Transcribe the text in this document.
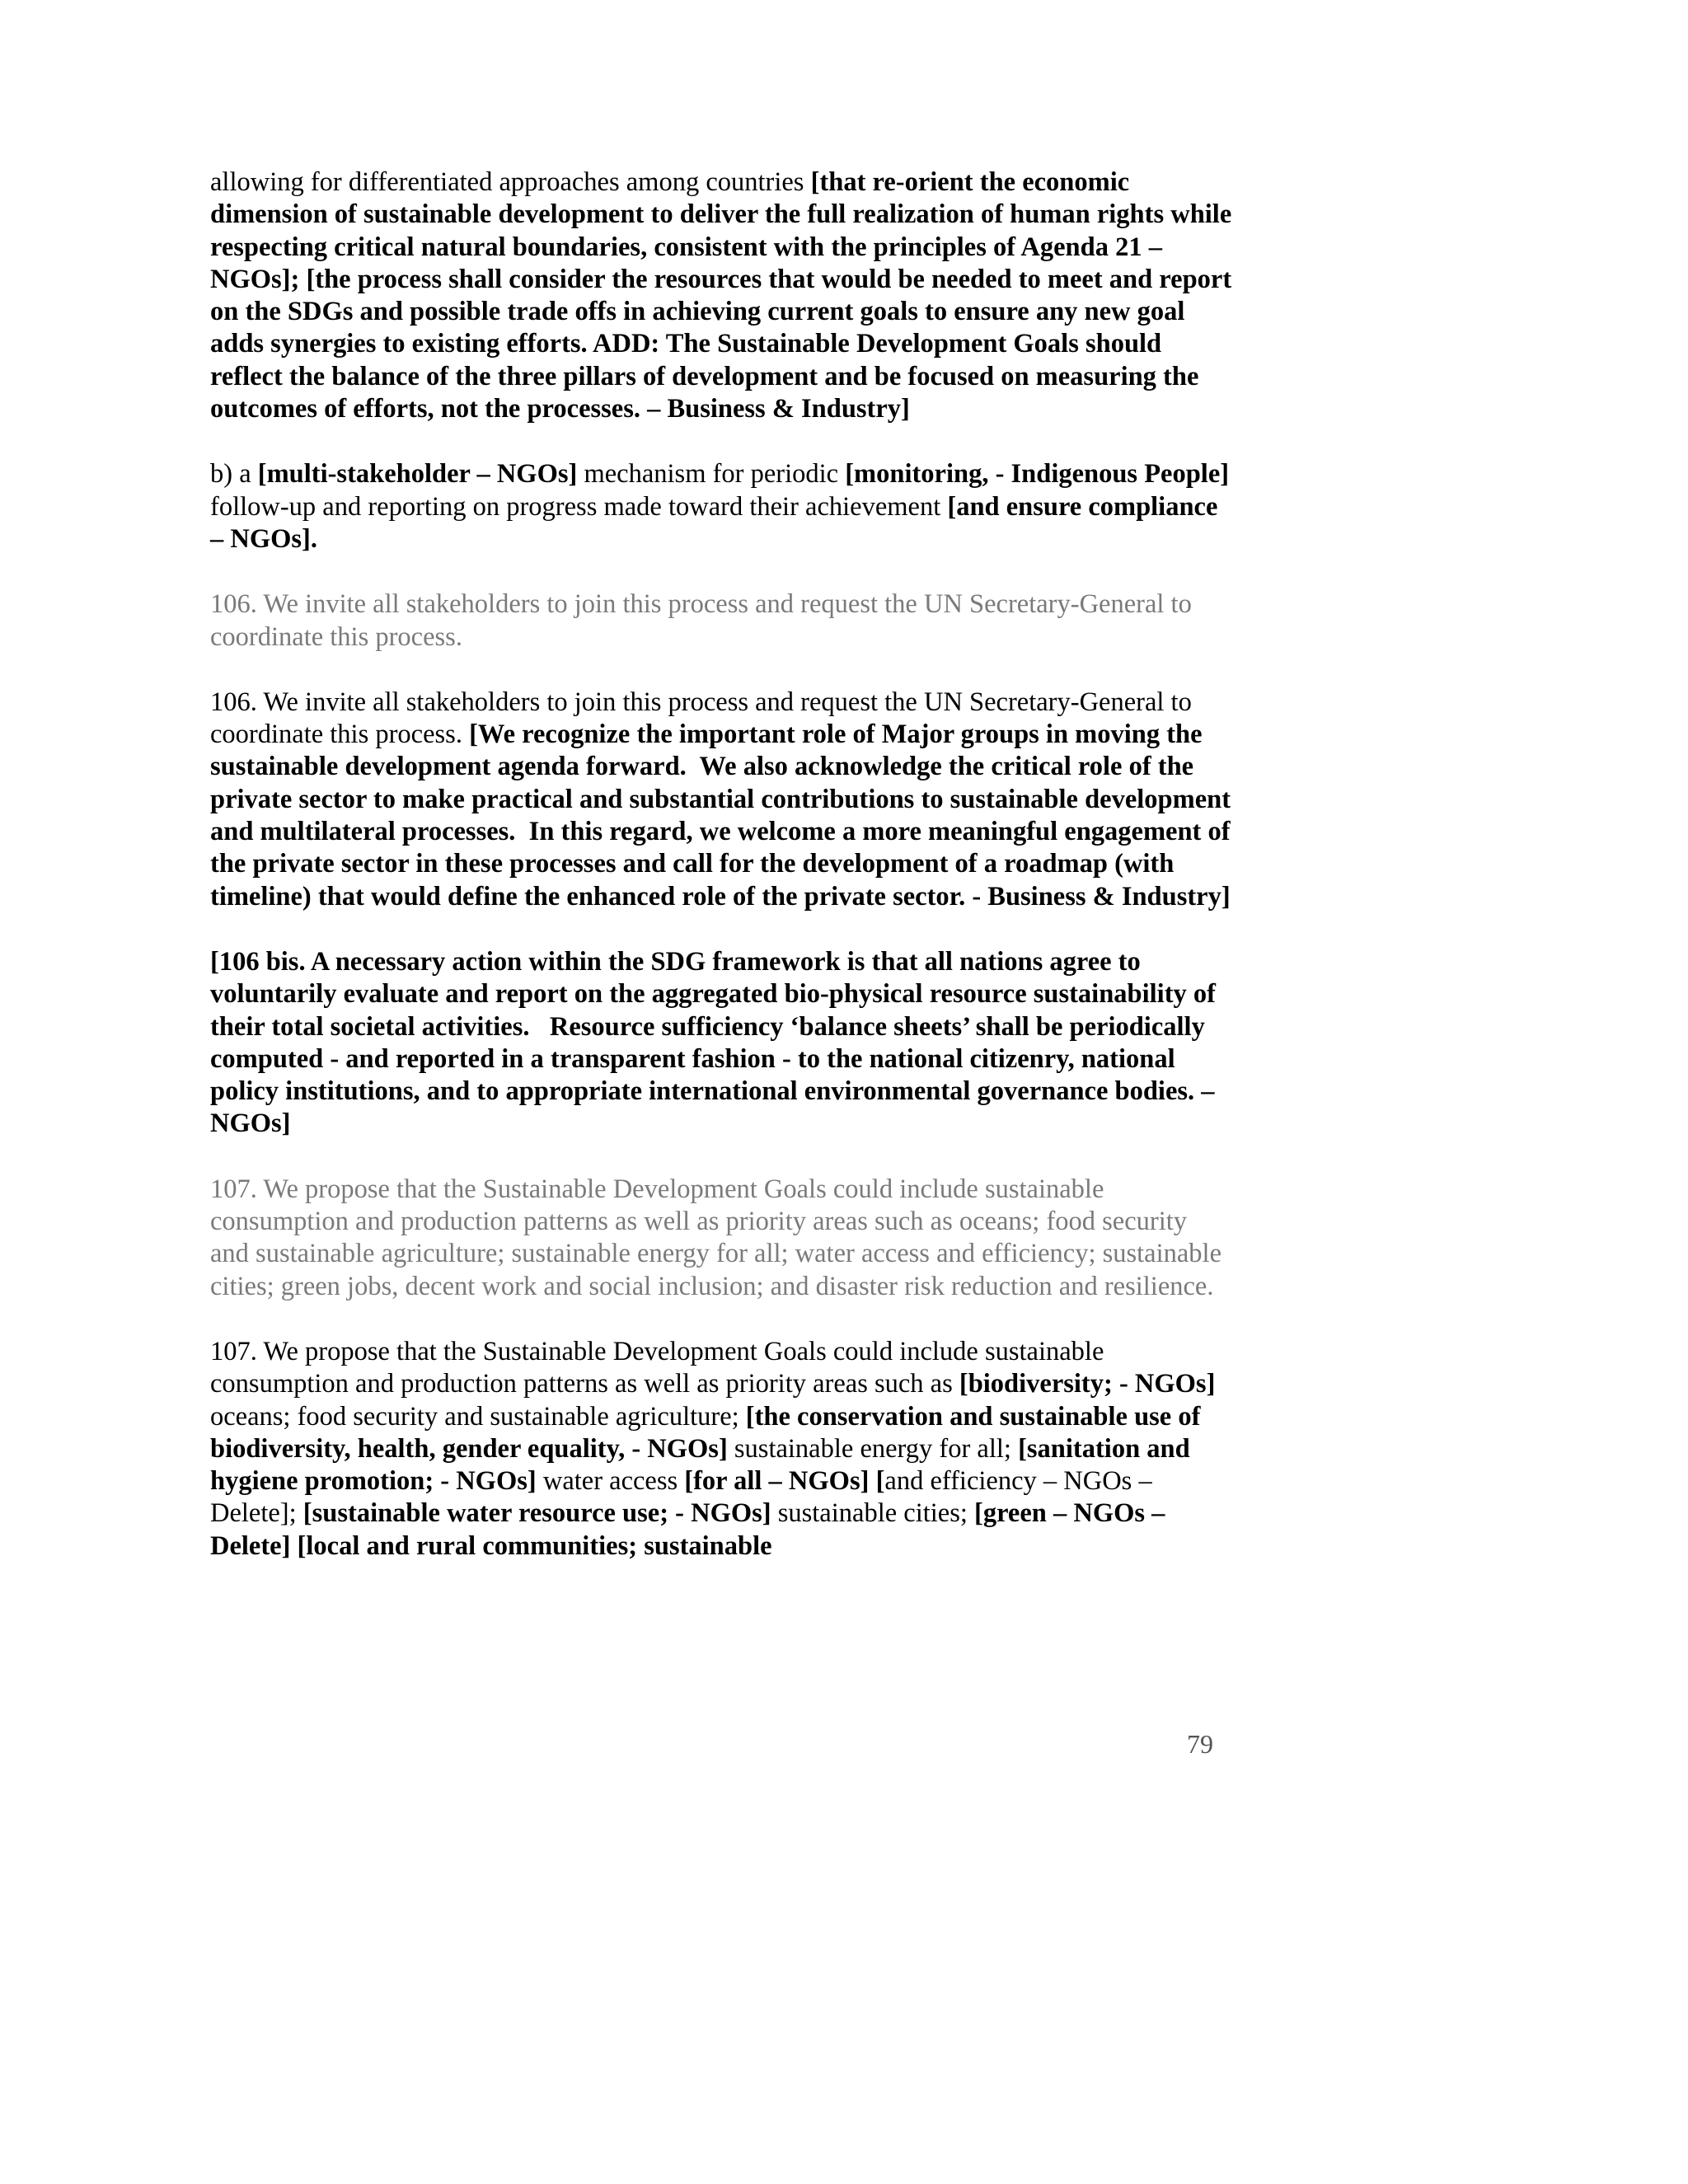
allowing for differentiated approaches among countries [that re-orient the economic dimension of sustainable development to deliver the full realization of human rights while respecting critical natural boundaries, consistent with the principles of Agenda 21 – NGOs]; [the process shall consider the resources that would be needed to meet and report on the SDGs and possible trade offs in achieving current goals to ensure any new goal adds synergies to existing efforts. ADD: The Sustainable Development Goals should reflect the balance of the three pillars of development and be focused on measuring the outcomes of efforts, not the processes. – Business & Industry]

b) a [multi-stakeholder – NGOs] mechanism for periodic [monitoring, - Indigenous People] follow-up and reporting on progress made toward their achievement [and ensure compliance – NGOs].

106. We invite all stakeholders to join this process and request the UN Secretary-General to coordinate this process.

106. We invite all stakeholders to join this process and request the UN Secretary-General to coordinate this process. [We recognize the important role of Major groups in moving the sustainable development agenda forward.  We also acknowledge the critical role of the private sector to make practical and substantial contributions to sustainable development and multilateral processes.  In this regard, we welcome a more meaningful engagement of the private sector in these processes and call for the development of a roadmap (with timeline) that would define the enhanced role of the private sector. - Business & Industry]

[106 bis. A necessary action within the SDG framework is that all nations agree to voluntarily evaluate and report on the aggregated bio-physical resource sustainability of their total societal activities.   Resource sufficiency ‘balance sheets’ shall be periodically computed - and reported in a transparent fashion - to the national citizenry, national policy institutions, and to appropriate international environmental governance bodies. – NGOs]

107. We propose that the Sustainable Development Goals could include sustainable consumption and production patterns as well as priority areas such as oceans; food security and sustainable agriculture; sustainable energy for all; water access and efficiency; sustainable cities; green jobs, decent work and social inclusion; and disaster risk reduction and resilience.

107. We propose that the Sustainable Development Goals could include sustainable consumption and production patterns as well as priority areas such as [biodiversity; - NGOs] oceans; food security and sustainable agriculture; [the conservation and sustainable use of biodiversity, health, gender equality, - NGOs] sustainable energy for all; [sanitation and hygiene promotion; - NGOs] water access [for all – NGOs] [and efficiency – NGOs – Delete]; [sustainable water resource use; - NGOs] sustainable cities; [green – NGOs – Delete] [local and rural communities; sustainable

79
